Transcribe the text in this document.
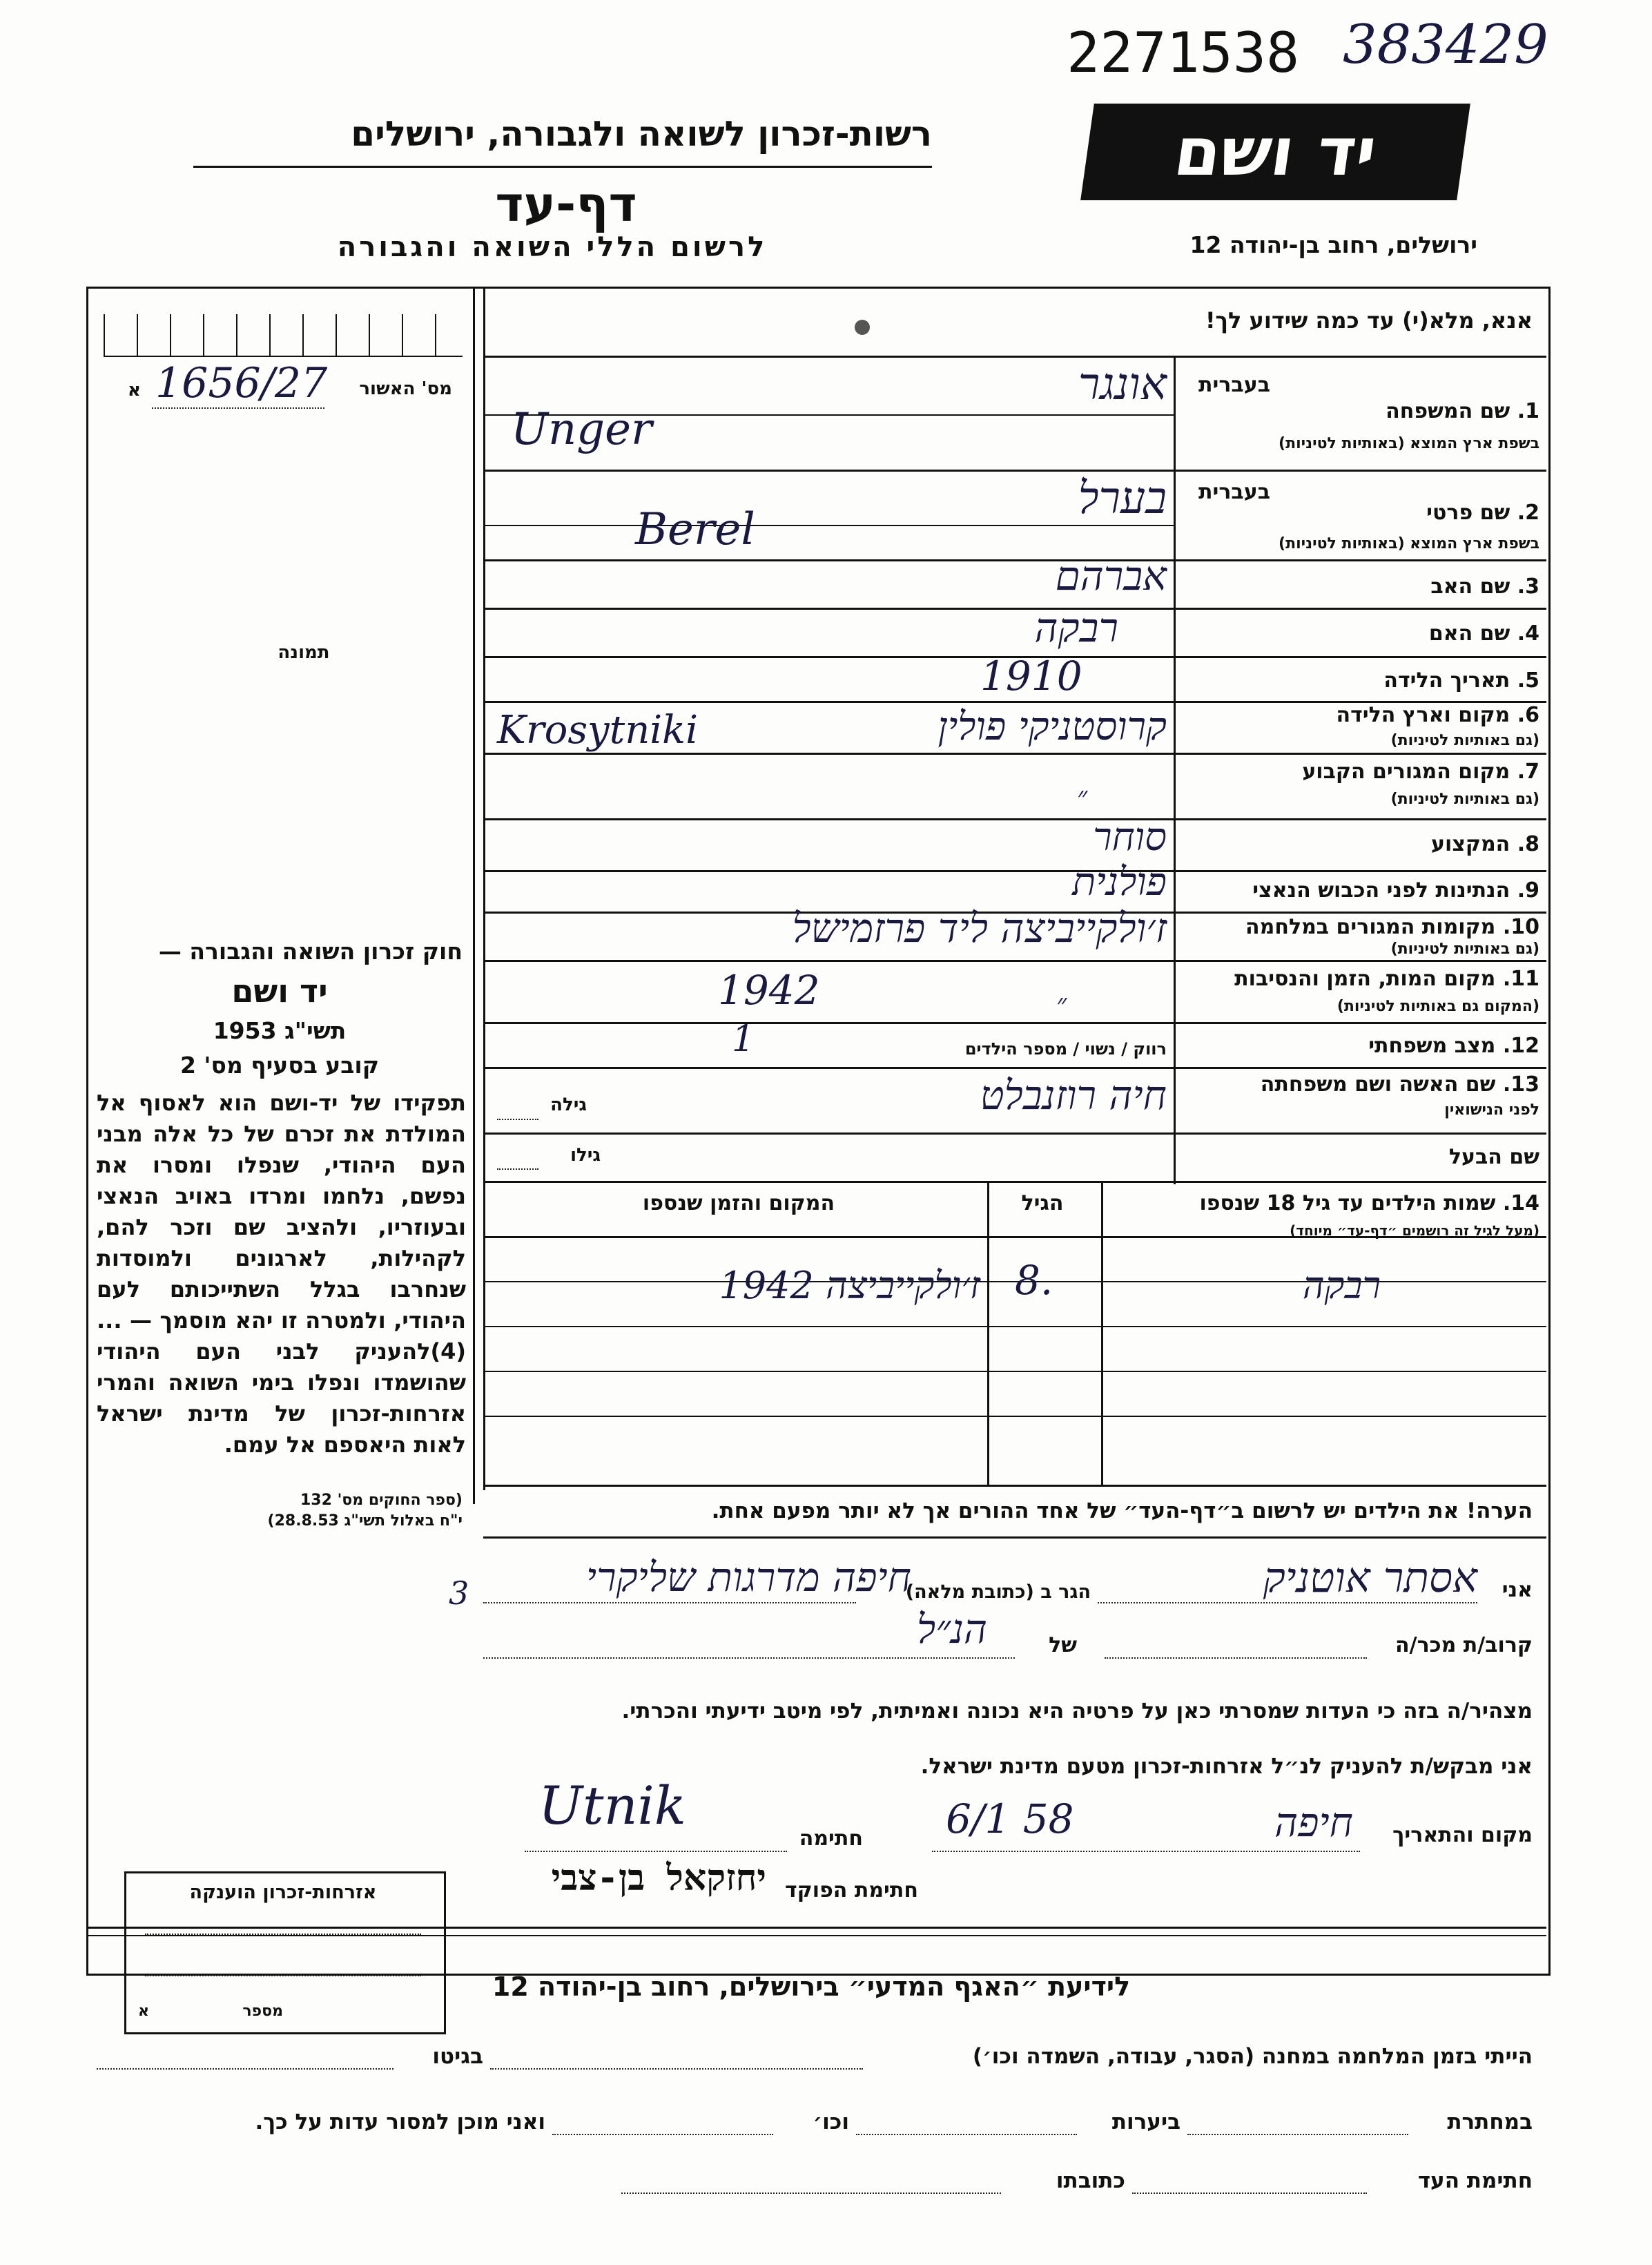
2271538 383429
רשות-זכרון לשואה ולגבורה, ירושלים
דף-עד
לרשום הללי השואה והגבורה
יד ושם
ירושלים, רחוב בן-יהודה 12
אנא, מלא(י) עד כמה שידוע לך!
מס' האשור
א 1656/27
תמונה
חוק זכרון השואה והגבורה —
יד ושם
תשי"ג 1953
קובע בסעיף מס' 2
תפקידו של יד-ושם הוא לאסוף אל המולדת את זכרם של כל אלה מבני העם היהודי, שנפלו ומסרו את נפשם, נלחמו ומרדו באויב הנאצי ובעוזריו, ולהציב שם וזכר להם, לקהילות, לארגונים ולמוסדות שנחרבו בגלל השתייכותם לעם היהודי, ולמטרה זו יהא מוסמך — ...(4)להעניק לבני העם היהודי שהושמדו ונפלו בימי השואה והמרי אזרחות-זכרון של מדינת ישראל לאות היאספם אל עמם.
(ספר החוקים מס' 132
י"ח באלול תשי"ג 28.8.53)
אזרחות-זכרון הוענקה
מספר
א
בעברית
1. שם המשפחה
בשפת ארץ המוצא (באותיות לטיניות)
אונגר
Unger
בעברית
2. שם פרטי
בשפת ארץ המוצא (באותיות לטיניות)
בערל
Berel
3. שם האב
אברהם
4. שם האם
רבקה
5. תאריך הלידה
1910
6. מקום וארץ הלידה
(גם באותיות לטיניות)
קרוסטניקי פולין
Krosytniki
7. מקום המגורים הקבוע
(גם באותיות לטיניות)
״
8. המקצוע
סוחר
9. הנתינות לפני הכבוש הנאצי
פולנית
10. מקומות המגורים במלחמה
(גם באותיות לטיניות)
ז׳ולקייביצה ליד פרזמישל
11. מקום המות, הזמן והנסיבות
(המקום גם באותיות לטיניות)
1942	״
12. מצב משפחתי
רווק / נשוי / מספר הילדים
1
13. שם האשה ושם משפחתה
לפני הנישואין
חיה רוזנבלט
גילה
שם הבעל
גילו
14. שמות הילדים עד גיל 18 שנספו
(מעל לגיל זה רושמים ״דף-עד״ מיוחד)
הגיל
המקום והזמן שנספו
רבקה
8.
ז׳ולקייביצה 1942
הערה! את הילדים יש לרשום ב״דף-העד״ של אחד ההורים אך לא יותר מפעם אחת.
אני
אסתר אוטניק
הגר ב (כתובת מלאה)
חיפה מדרגות שליקרי
3
קרוב/ת מכר/ה
של
הנ״ל
מצהיר/ה בזה כי העדות שמסרתי כאן על פרטיה היא נכונה ואמיתית, לפי מיטב ידיעתי והכרתי.
אני מבקש/ת להעניק לנ״ל אזרחות-זכרון מטעם מדינת ישראל.
מקום והתאריך
חיפה
6/1 58
חתימה
Utnik
חתימת הפוקד
יחזקאל בן-צבי
לידיעת ״האגף המדעי״ בירושלים, רחוב בן-יהודה 12
הייתי בזמן המלחמה במחנה (הסגר, עבודה, השמדה וכו׳)
בגיטו
במחתרת
ביערות
וכו׳
ואני מוכן למסור עדות על כך.
חתימת העד
כתובתו
